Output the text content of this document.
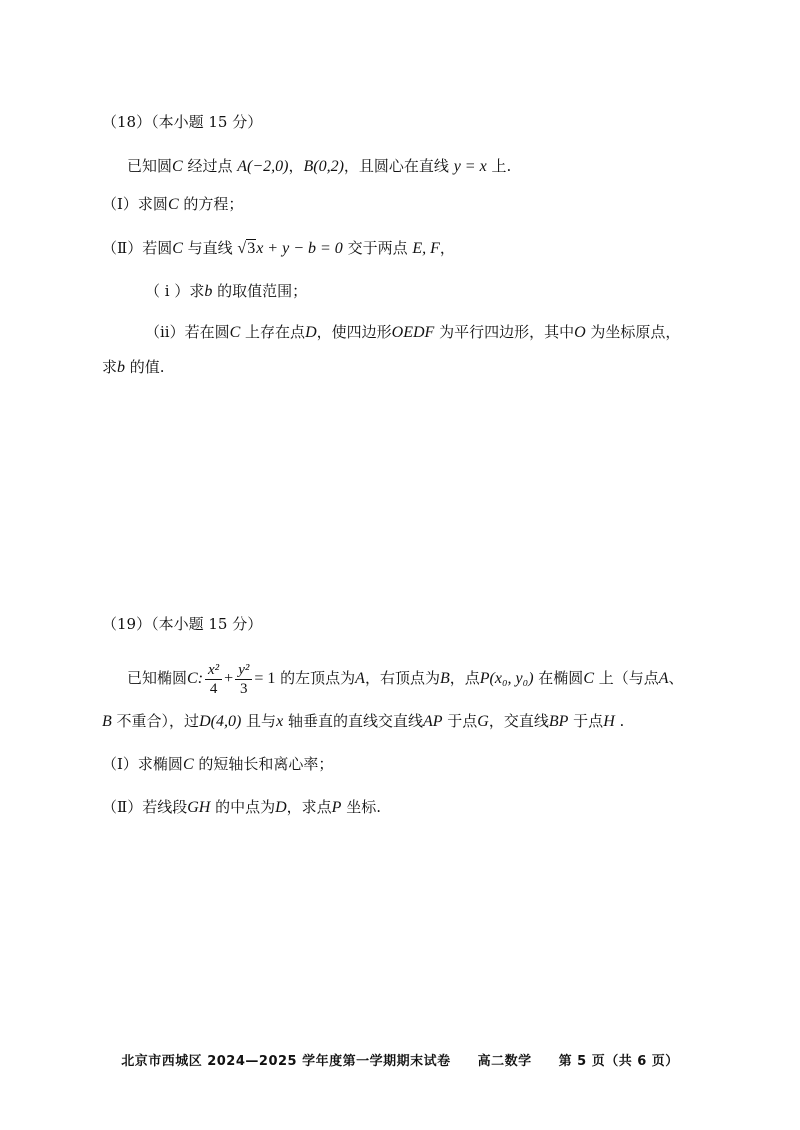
（18）（本小题 15 分）
已知圆C 经过点 A(−2,0)，B(0,2)，且圆心在直线 y = x 上.
（Ⅰ）求圆C 的方程；
（Ⅱ）若圆C 与直线 √3x + y − b = 0 交于两点 E, F，
（ i ）求b 的取值范围；
（ii）若在圆C 上存在点D，使四边形OEDF 为平行四边形，其中O 为坐标原点，
求b 的值.
（19）（本小题 15 分）
已知椭圆C: $\frac{\text{x²}}{4} + \frac{\text{y²}}{3} = 1$ 的左顶点为A，右顶点为B，点P(x₀, y₀) 在椭圆C 上（与点A、
B 不重合），过D(4,0) 且与x 轴垂直的直线交直线AP 于点G，交直线BP 于点H .
（Ⅰ）求椭圆C 的短轴长和离心率；
（Ⅱ）若线段GH 的中点为D，求点P 坐标.
北京市西城区 2024—2025 学年度第一学期期末试卷　　高二数学　　第 5 页（共 6 页）
